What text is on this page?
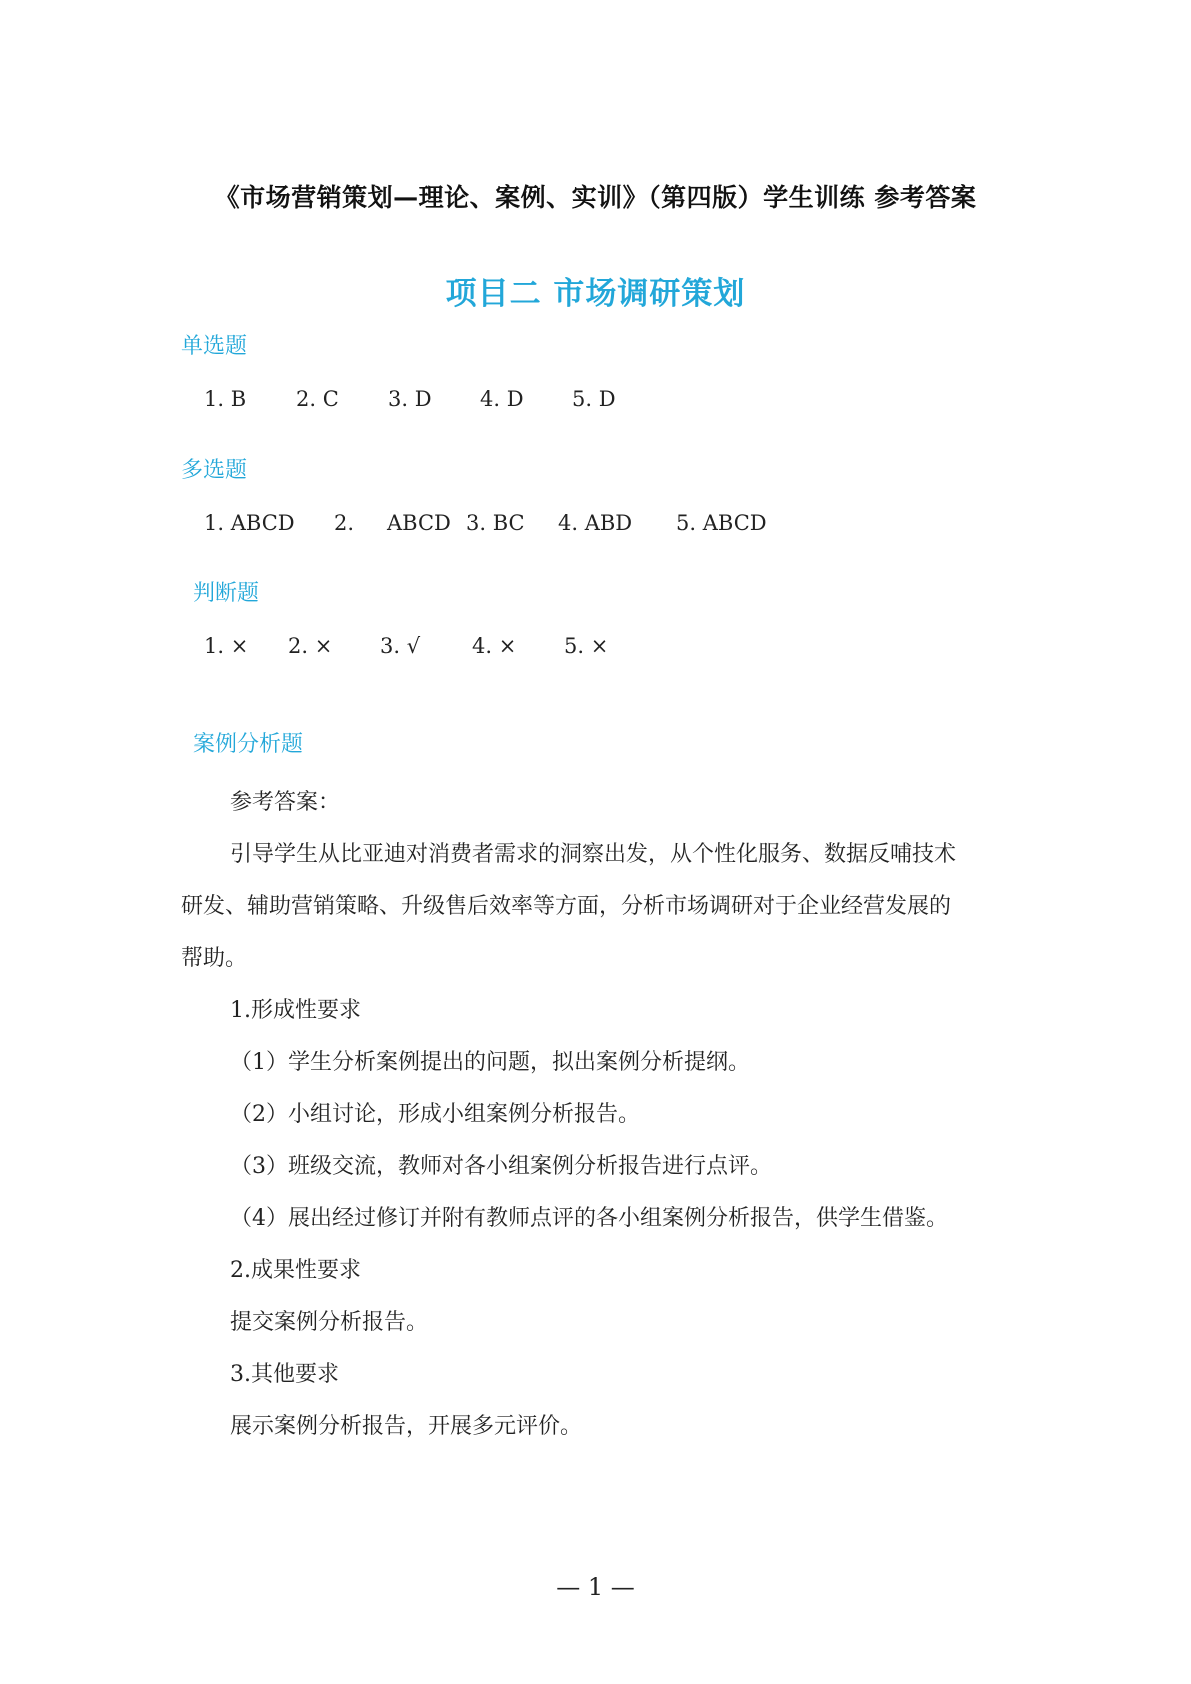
《市场营销策划—理论、案例、实训》（第四版）学生训练 参考答案
项目二 市场调研策划
单选题

1. B

2. C

3. D

4. D

5. D

多选题

1. ABCD

2.

ABCD

3. BC

4. ABD

5. ABCD

判断题

1. ×

2. ×

3. √

4. ×

5. ×

案例分析题
参考答案：
引导学生从比亚迪对消费者需求的洞察出发，从个性化服务、数据反哺技术
研发、辅助营销策略、升级售后效率等方面，分析市场调研对于企业经营发展的
帮助。
1.形成性要求
（1）学生分析案例提出的问题，拟出案例分析提纲。
（2）小组讨论，形成小组案例分析报告。
（3）班级交流，教师对各小组案例分析报告进行点评。
（4）展出经过修订并附有教师点评的各小组案例分析报告，供学生借鉴。
2.成果性要求
提交案例分析报告。
3.其他要求
展示案例分析报告，开展多元评价。
— 1 —
